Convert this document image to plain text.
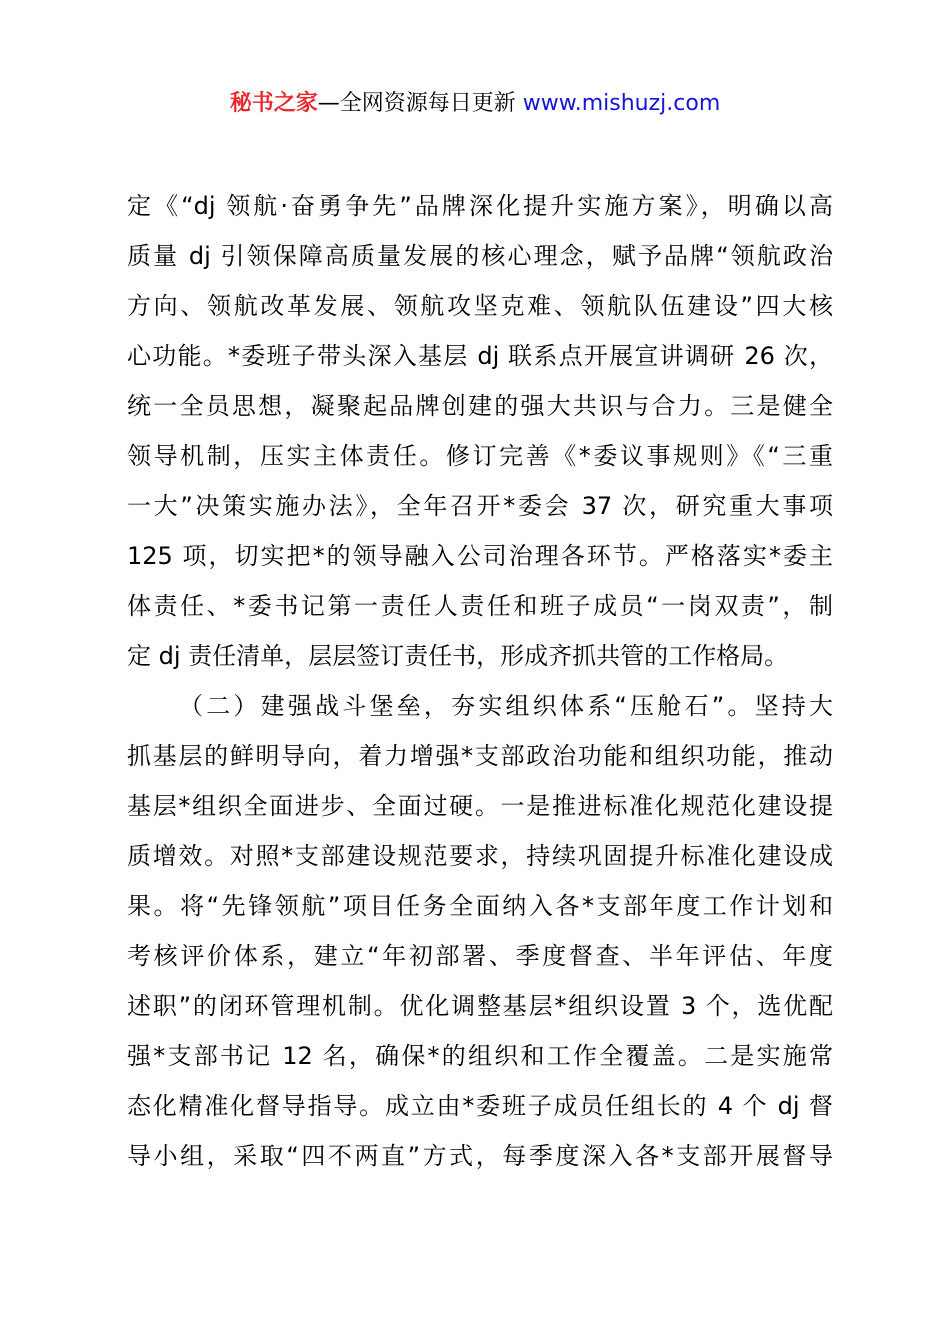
秘书之家—全网资源每日更新 www.mishuzj.com
定《“dj 领航·奋勇争先”品牌深化提升实施方案》，明确以高
质量 dj 引领保障高质量发展的核心理念，赋予品牌“领航政治
方向、领航改革发展、领航攻坚克难、领航队伍建设”四大核
心功能。*委班子带头深入基层 dj 联系点开展宣讲调研 26 次，
统一全员思想，凝聚起品牌创建的强大共识与合力。三是健全
领导机制，压实主体责任。修订完善《*委议事规则》《“三重
一大”决策实施办法》，全年召开*委会 37 次，研究重大事项
125 项，切实把*的领导融入公司治理各环节。严格落实*委主
体责任、*委书记第一责任人责任和班子成员“一岗双责”，制
定 dj 责任清单，层层签订责任书，形成齐抓共管的工作格局。
（二）建强战斗堡垒，夯实组织体系“压舱石”。坚持大
抓基层的鲜明导向，着力增强*支部政治功能和组织功能，推动
基层*组织全面进步、全面过硬。一是推进标准化规范化建设提
质增效。对照*支部建设规范要求，持续巩固提升标准化建设成
果。将“先锋领航”项目任务全面纳入各*支部年度工作计划和
考核评价体系，建立“年初部署、季度督查、半年评估、年度
述职”的闭环管理机制。优化调整基层*组织设置 3 个，选优配
强*支部书记 12 名，确保*的组织和工作全覆盖。二是实施常
态化精准化督导指导。成立由*委班子成员任组长的 4 个 dj 督
导小组，采取“四不两直”方式，每季度深入各*支部开展督导
